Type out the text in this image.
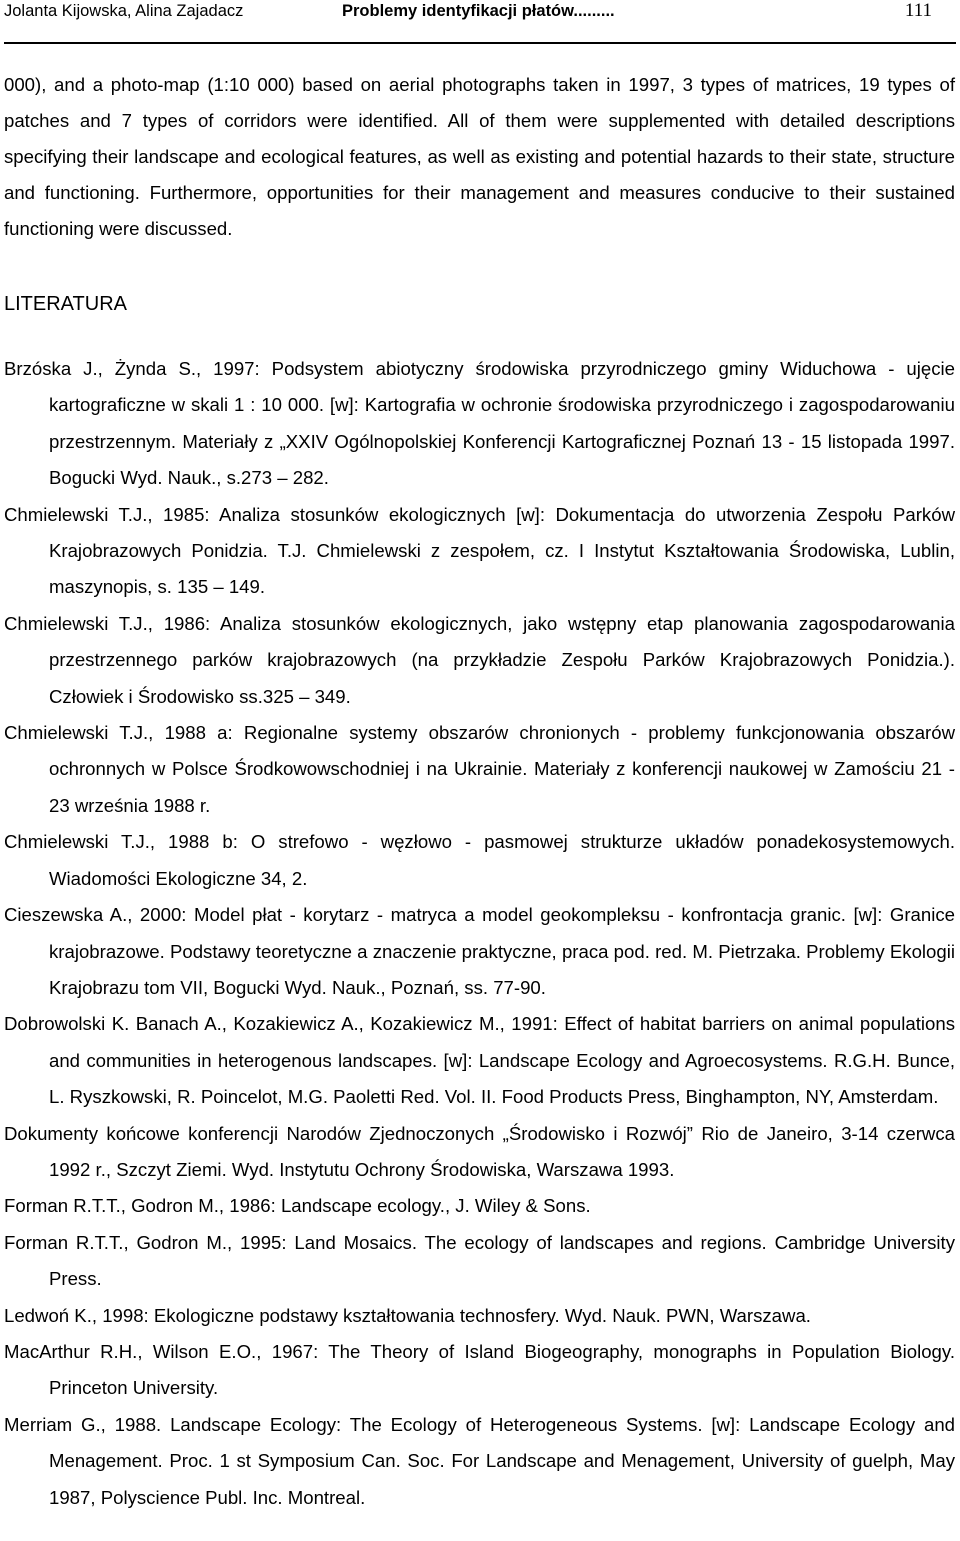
Jolanta Kijowska, Alina Zajadacz	Problemy identyfikacji płatów.........	111

000), and a photo-map (1:10 000) based on aerial photographs taken in 1997, 3 types of matrices, 19 types of patches and 7 types of corridors were identified. All of them were supplemented with detailed descriptions specifying their landscape and ecological features, as well as existing and potential hazards to their state, structure and functioning. Furthermore, opportunities for their management and measures conducive to their sustained functioning were discussed.

LITERATURA
Brzóska J., Żynda S., 1997: Podsystem abiotyczny środowiska przyrodniczego gminy Widuchowa - ujęcie kartograficzne w skali 1 : 10 000. [w]: Kartografia w ochronie środowiska przyrodniczego i zagospodarowaniu przestrzennym. Materiały z „XXIV Ogólnopolskiej Konferencji Kartograficznej Poznań 13 - 15 listopada 1997. Bogucki Wyd. Nauk., s.273 – 282.
Chmielewski T.J., 1985: Analiza stosunków ekologicznych [w]: Dokumentacja do utworzenia Zespołu Parków Krajobrazowych Ponidzia. T.J. Chmielewski z zespołem, cz. I Instytut Kształtowania Środowiska, Lublin, maszynopis, s. 135 – 149.
Chmielewski T.J., 1986: Analiza stosunków ekologicznych, jako wstępny etap planowania zagospodarowania przestrzennego parków krajobrazowych (na przykładzie Zespołu Parków Krajobrazowych Ponidzia.). Człowiek i Środowisko ss.325 – 349.
Chmielewski T.J., 1988 a: Regionalne systemy obszarów chronionych - problemy funkcjonowania obszarów ochronnych w Polsce Środkowowschodniej i na Ukrainie. Materiały z konferencji naukowej w Zamościu 21 - 23 września 1988 r.
Chmielewski T.J., 1988 b: O strefowo - węzłowo - pasmowej strukturze układów ponadekosystemowych. Wiadomości Ekologiczne 34, 2.
Cieszewska A., 2000: Model płat - korytarz - matryca a model geokompleksu - konfrontacja granic. [w]: Granice krajobrazowe. Podstawy teoretyczne a znaczenie praktyczne, praca pod. red. M. Pietrzaka. Problemy Ekologii Krajobrazu tom VII, Bogucki Wyd. Nauk., Poznań, ss. 77-90.
Dobrowolski K. Banach A., Kozakiewicz A., Kozakiewicz M., 1991: Effect of habitat barriers on animal populations and communities in heterogenous landscapes. [w]: Landscape Ecology and Agroecosystems. R.G.H. Bunce, L. Ryszkowski, R. Poincelot, M.G. Paoletti Red. Vol. II. Food Products Press, Binghampton, NY, Amsterdam.
Dokumenty końcowe konferencji Narodów Zjednoczonych „Środowisko i Rozwój” Rio de Janeiro, 3-14 czerwca 1992 r., Szczyt Ziemi. Wyd. Instytutu Ochrony Środowiska, Warszawa 1993.
Forman R.T.T., Godron M., 1986: Landscape ecology., J. Wiley & Sons.
Forman R.T.T., Godron M., 1995: Land Mosaics. The ecology of landscapes and regions. Cambridge University Press.
Ledwoń K., 1998: Ekologiczne podstawy kształtowania technosfery. Wyd. Nauk. PWN, Warszawa.
MacArthur R.H., Wilson E.O., 1967: The Theory of Island Biogeography, monographs in Population Biology. Princeton University.
Merriam G., 1988. Landscape Ecology: The Ecology of Heterogeneous Systems. [w]: Landscape Ecology and Menagement. Proc. 1 st Symposium Can. Soc. For Landscape and Menagement, University of guelph, May 1987, Polyscience Publ. Inc. Montreal.
